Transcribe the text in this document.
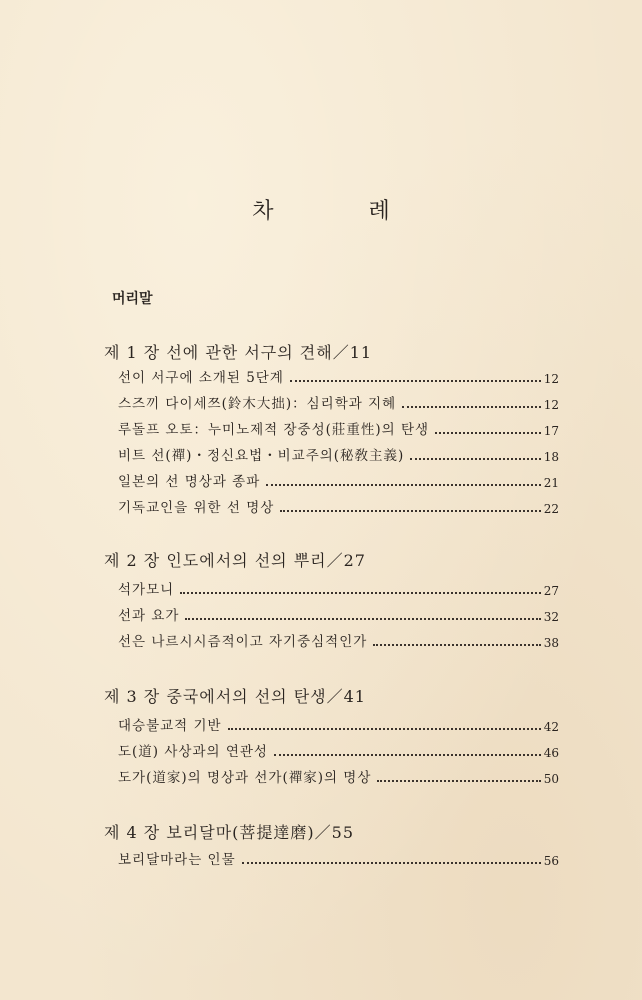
차 례
머리말
제 1 장 선에 관한 서구의 견해／11
선이 서구에 소개된 5단계	12
스즈끼 다이세쯔(鈴木大拙)：심리학과 지혜	12
루돌프 오토：누미노제적 장중성(莊重性)의 탄생	17
비트 선(禪)・정신요법・비교주의(秘敎主義)	18
일본의 선 명상과 종파	21
기독교인을 위한 선 명상	22
제 2 장 인도에서의 선의 뿌리／27
석가모니	27
선과 요가	32
선은 나르시시즘적이고 자기중심적인가	38
제 3 장 중국에서의 선의 탄생／41
대승불교적 기반	42
도(道) 사상과의 연관성	46
도가(道家)의 명상과 선가(禪家)의 명상	50
제 4 장 보리달마(菩提達磨)／55
보리달마라는 인물	56
